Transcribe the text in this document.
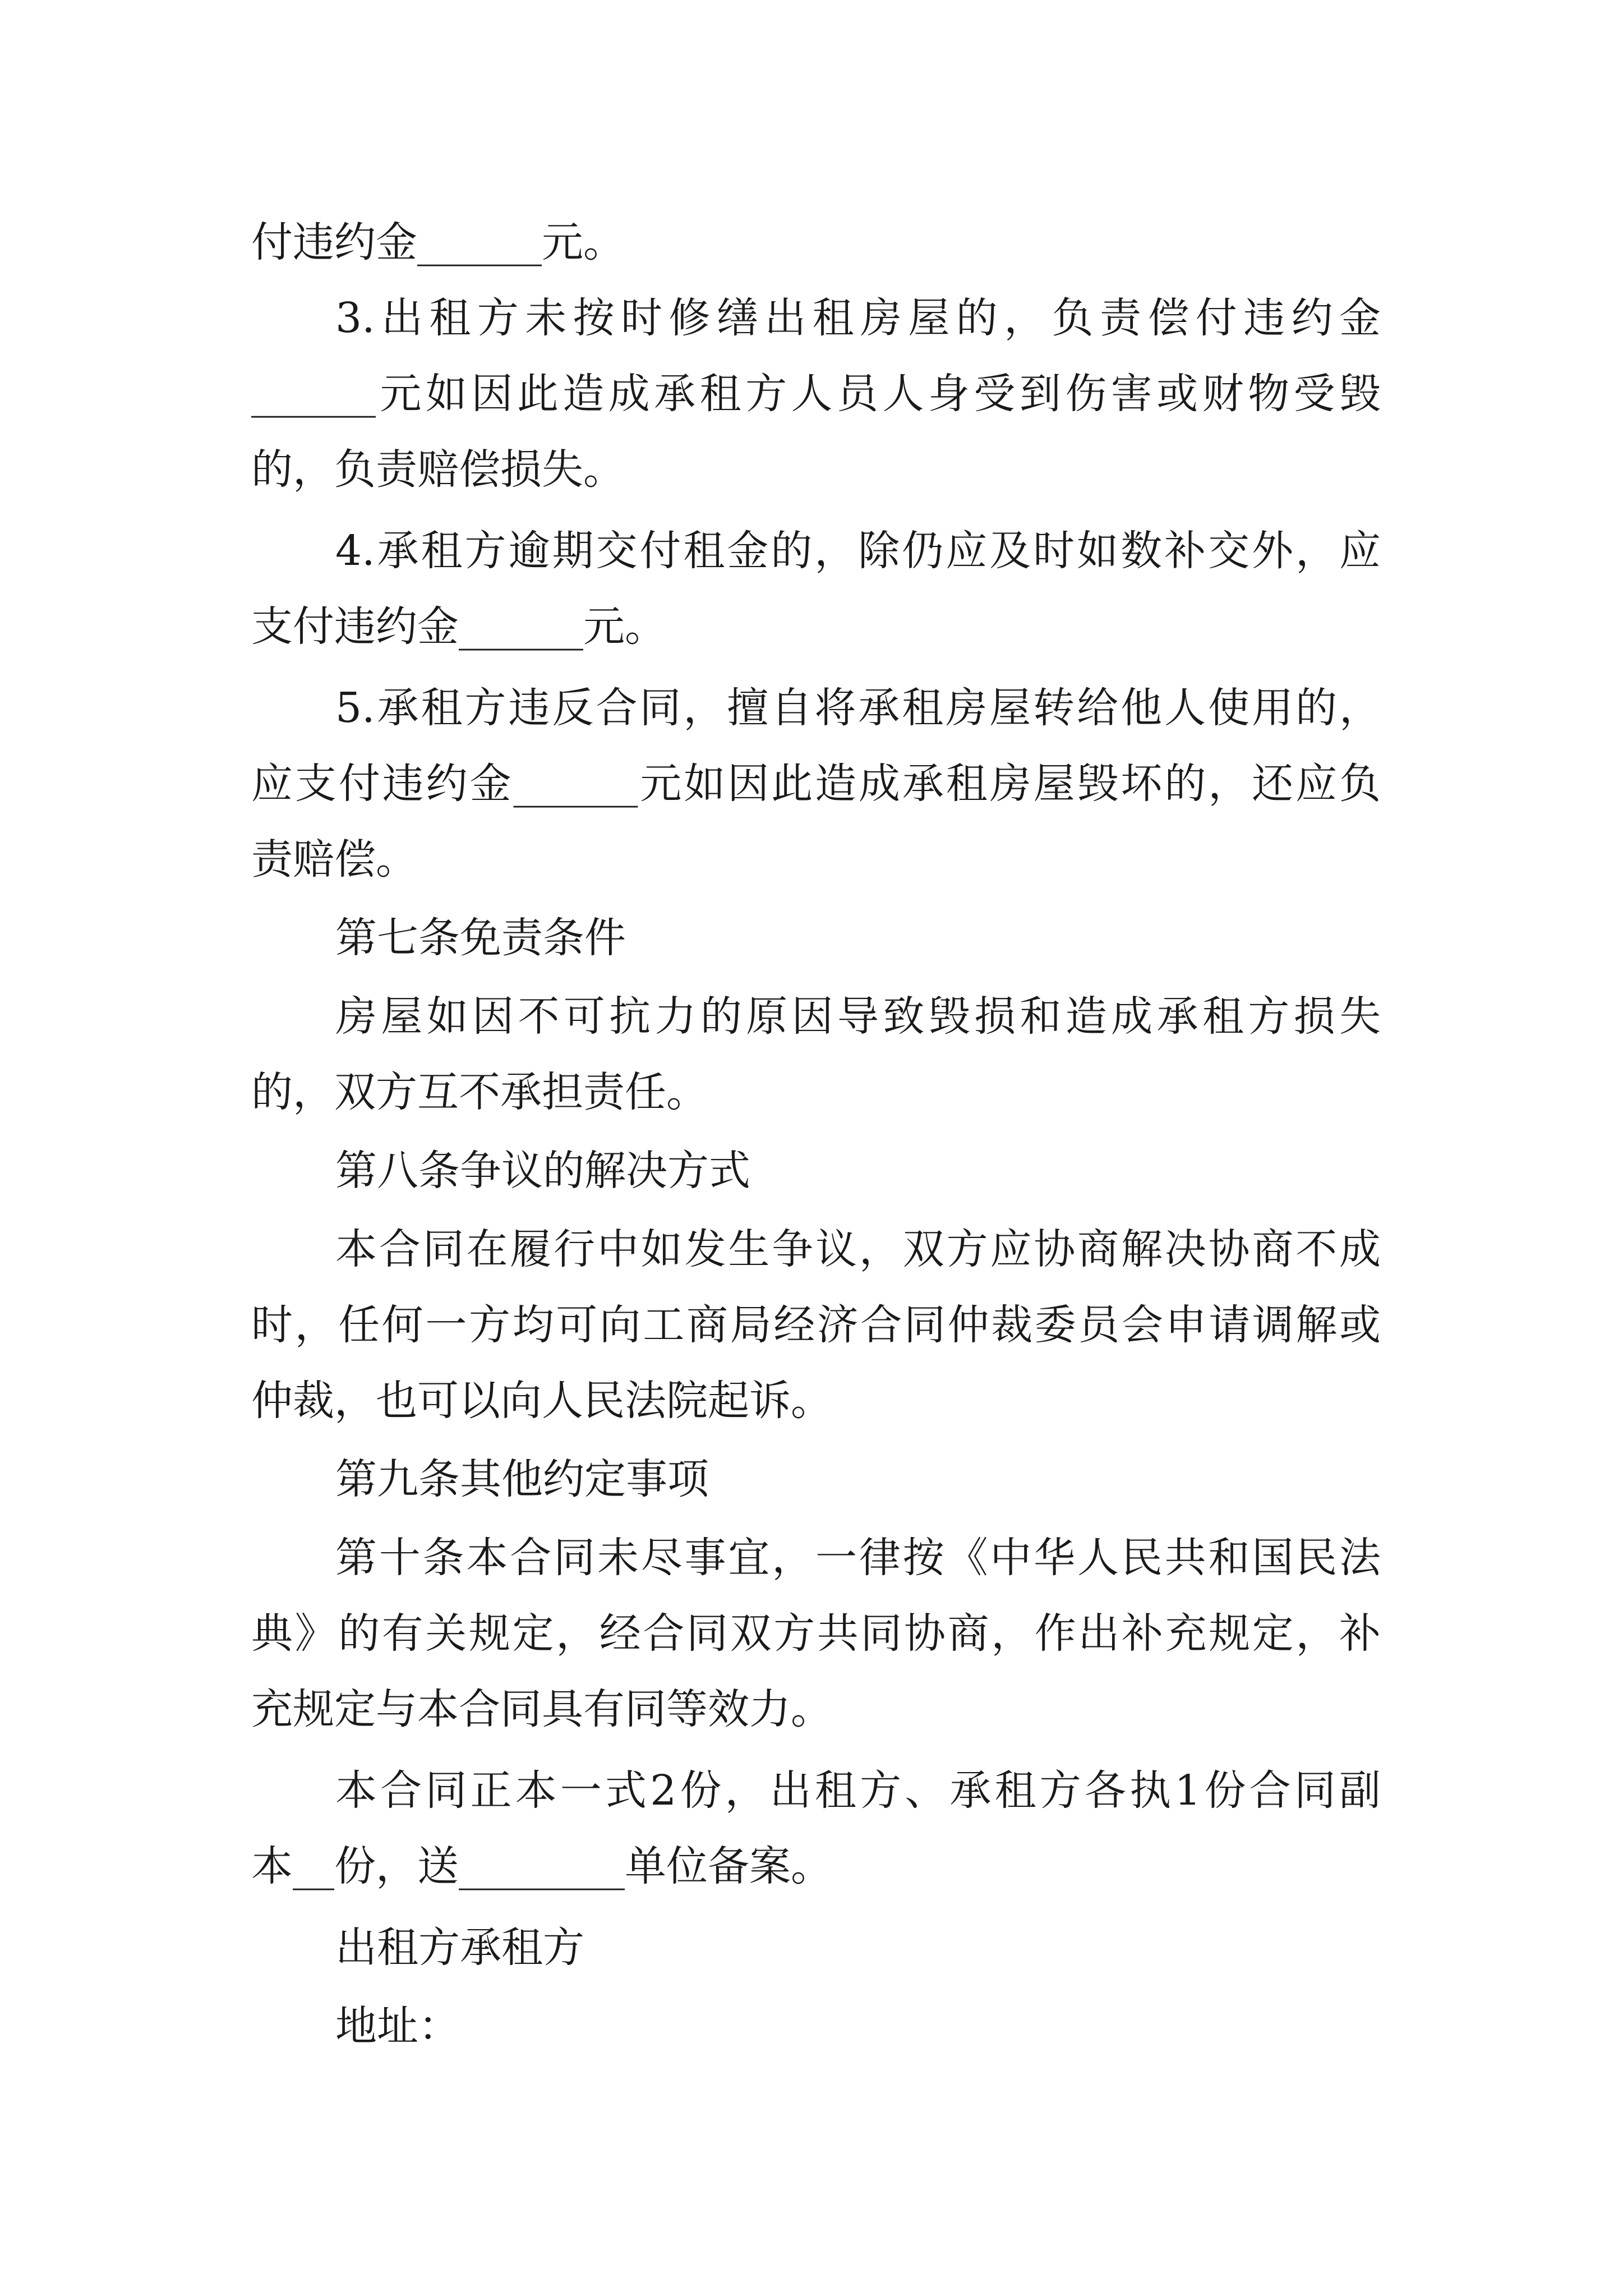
付违约金______元。
3.出租方未按时修缮出租房屋的，负责偿付违约金
______元如因此造成承租方人员人身受到伤害或财物受毁
的，负责赔偿损失。
4.承租方逾期交付租金的，除仍应及时如数补交外，应
支付违约金______元。
5.承租方违反合同，擅自将承租房屋转给他人使用的，
应支付违约金______元如因此造成承租房屋毁坏的，还应负
责赔偿。
第七条免责条件
房屋如因不可抗力的原因导致毁损和造成承租方损失
的，双方互不承担责任。
第八条争议的解决方式
本合同在履行中如发生争议，双方应协商解决协商不成
时，任何一方均可向工商局经济合同仲裁委员会申请调解或
仲裁，也可以向人民法院起诉。
第九条其他约定事项
第十条本合同未尽事宜，一律按《中华人民共和国民法
典》的有关规定，经合同双方共同协商，作出补充规定，补
充规定与本合同具有同等效力。
本合同正本一式2份，出租方、承租方各执1份合同副
本__份，送________单位备案。
出租方承租方
地址：
